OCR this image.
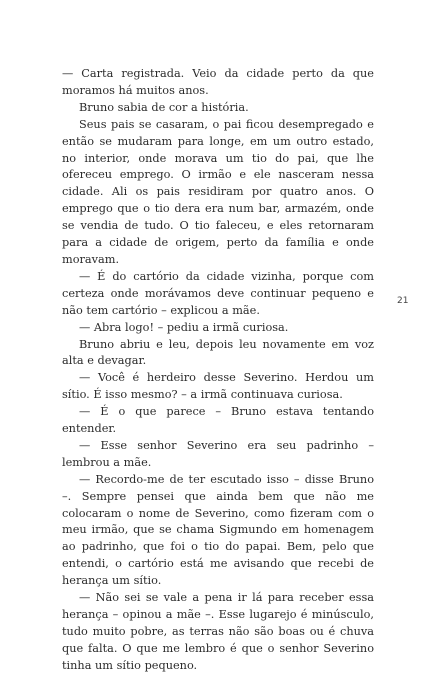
— Carta registrada. Veio da cidade perto da que moramos há muitos anos.

Bruno sabia de cor a história.

Seus pais se casaram, o pai ficou desempregado e então se mudaram para longe, em um outro estado, no interior, onde morava um tio do pai, que lhe ofereceu emprego. O irmão e ele nasceram nessa cidade. Ali os pais residiram por quatro anos. O emprego que o tio dera era num bar, armazém, onde se vendia de tudo. O tio faleceu, e eles retornaram para a cidade de origem, perto da família e onde moravam.

— É do cartório da cidade vizinha, porque com certeza onde morávamos deve continuar pequeno e não tem cartório – explicou a mãe.

— Abra logo! – pediu a irmã curiosa.

Bruno abriu e leu, depois leu novamente em voz alta e devagar.

— Você é herdeiro desse Severino. Herdou um sítio. É isso mesmo? – a irmã continuava curiosa.

— É o que parece – Bruno estava tentando entender.

— Esse senhor Severino era seu padrinho – lembrou a mãe.

— Recordo-me de ter escutado isso – disse Bruno –. Sempre pensei que ainda bem que não me colocaram o nome de Severino, como fizeram com o meu irmão, que se chama Sigmundo em homenagem ao padrinho, que foi o tio do papai. Bem, pelo que entendi, o cartório está me avisando que recebi de herança um sítio.

— Não sei se vale a pena ir lá para receber essa herança – opinou a mãe –. Esse lugarejo é minúsculo, tudo muito pobre, as terras não são boas ou é chuva que falta. O que me lembro é que o senhor Severino tinha um sítio pequeno.

21
